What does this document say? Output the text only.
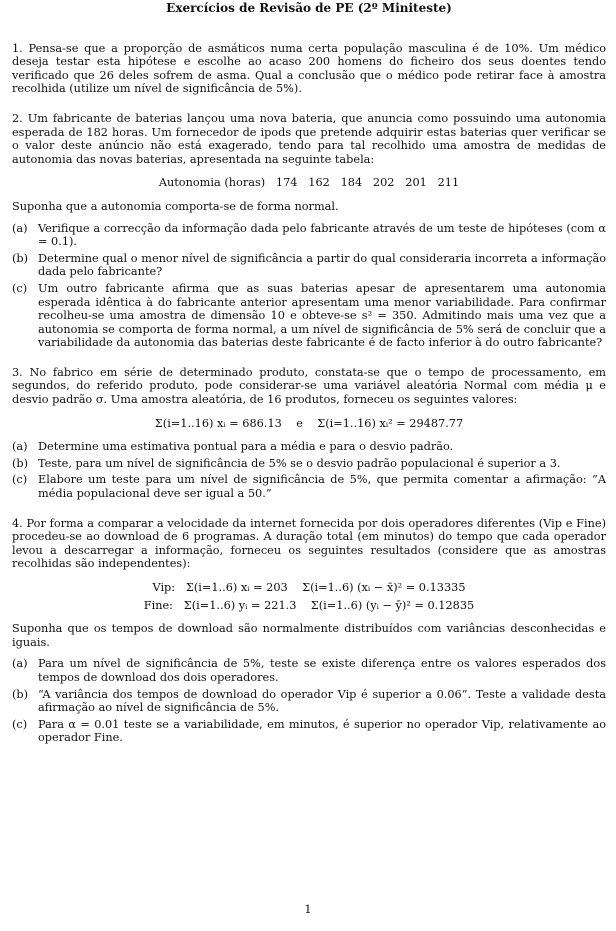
Exercícios de Revisão de PE (2º Miniteste)

1. Pensa-se que a proporção de asmáticos numa certa população masculina é de 10%. Um médico deseja testar esta hipótese e escolhe ao acaso 200 homens do ficheiro dos seus doentes tendo verificado que 26 deles sofrem de asma. Qual a conclusão que o médico pode retirar face à amostra recolhida (utilize um nível de significância de 5%).

2. Um fabricante de baterias lançou uma nova bateria, que anuncia como possuindo uma autonomia esperada de 182 horas. Um fornecedor de ipods que pretende adquirir estas baterias quer verificar se o valor deste anúncio não está exagerado, tendo para tal recolhido uma amostra de medidas de autonomia das novas baterias, apresentada na seguinte tabela:

Autonomia (horas)   174   162   184   202   201   211

Suponha que a autonomia comporta-se de forma normal.

(a) Verifique a correcção da informação dada pelo fabricante através de um teste de hipóteses (com α = 0.1).
(b) Determine qual o menor nível de significância a partir do qual consideraria incorreta a informação dada pelo fabricante?
(c) Um outro fabricante afirma que as suas baterias apesar de apresentarem uma autonomia esperada idêntica à do fabricante anterior apresentam uma menor variabilidade. Para confirmar recolheu-se uma amostra de dimensão 10 e obteve-se s² = 350. Admitindo mais uma vez que a autonomia se comporta de forma normal, a um nível de significância de 5% será de concluir que a variabilidade da autonomia das baterias deste fabricante é de facto inferior à do outro fabricante?

3. No fabrico em série de determinado produto, constata-se que o tempo de processamento, em segundos, do referido produto, pode considerar-se uma variável aleatória Normal com média μ e desvio padrão σ. Uma amostra aleatória, de 16 produtos, forneceu os seguintes valores:

Σ(i=1..16) xᵢ = 686.13    e    Σ(i=1..16) xᵢ² = 29487.77
(a) Determine uma estimativa pontual para a média e para o desvio padrão.
(b) Teste, para um nível de significância de 5% se o desvio padrão populacional é superior a 3.
(c) Elabore um teste para um nível de significância de 5%, que permita comentar a afirmação: ”A média populacional deve ser igual a 50.”

4. Por forma a comparar a velocidade da internet fornecida por dois operadores diferentes (Vip e Fine) procedeu-se ao download de 6 programas. A duração total (em minutos) do tempo que cada operador levou a descarregar a informação, forneceu os seguintes resultados (considere que as amostras recolhidas são independentes):

Vip:   Σ(i=1..6) xᵢ = 203    Σ(i=1..6) (xᵢ − x̄)² = 0.13335
Fine:   Σ(i=1..6) yᵢ = 221.3    Σ(i=1..6) (yᵢ − ȳ)² = 0.12835

Suponha que os tempos de download são normalmente distribuídos com variâncias desconhecidas e iguais.

(a) Para um nível de significância de 5%, teste se existe diferença entre os valores esperados dos tempos de download dos dois operadores.
(b) “A variância dos tempos de download do operador Vip é superior a 0.06”. Teste a validade desta afirmação ao nível de significância de 5%.
(c) Para α = 0.01 teste se a variabilidade, em minutos, é superior no operador Vip, relativamente ao operador Fine.
1
